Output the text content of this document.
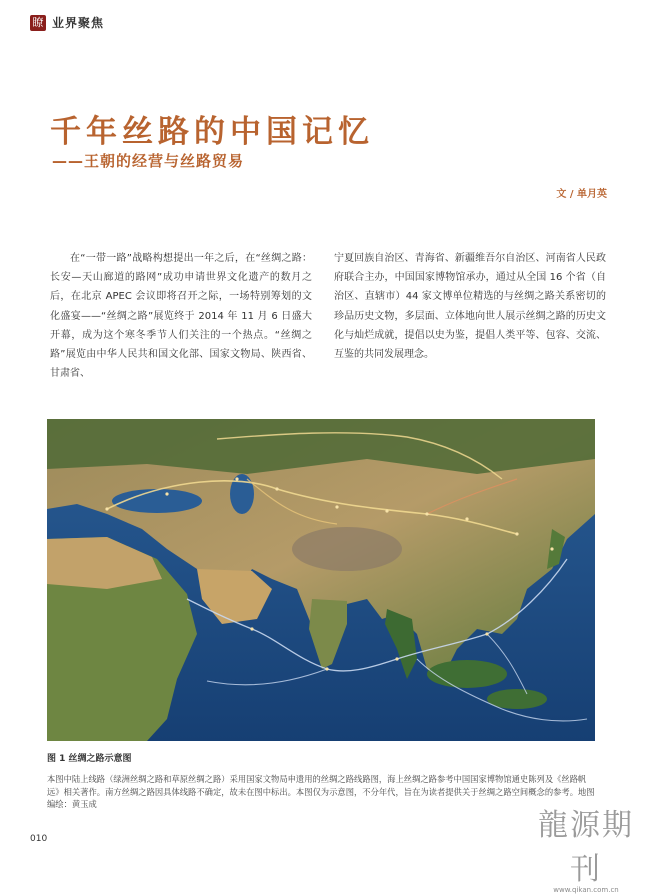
瞭 业界聚焦
千年丝路的中国记忆
——王朝的经营与丝路贸易
文 / 单月英

在“一带一路”战略构想提出一年之后，在“丝绸之路：长安—天山廊道的路网”成功申请世界文化遗产的数月之后，在北京 APEC 会议即将召开之际，一场特别筹划的文化盛宴——“丝绸之路”展览终于 2014 年 11 月 6 日盛大开幕，成为这个寒冬季节人们关注的一个热点。“丝绸之路”展览由中华人民共和国文化部、国家文物局、陕西省、甘肃省、

宁夏回族自治区、青海省、新疆维吾尔自治区、河南省人民政府联合主办，中国国家博物馆承办，通过从全国 16 个省（自治区、直辖市）44 家文博单位精选的与丝绸之路关系密切的珍品历史文物，多层面、立体地向世人展示丝绸之路的历史文化与灿烂成就，提倡以史为鉴，提倡人类平等、包容、交流、互鉴的共同发展理念。

图 1 丝绸之路示意图
本图中陆上线路（绿洲丝绸之路和草原丝绸之路）采用国家文物局申遗用的丝绸之路线路图，海上丝绸之路参考中国国家博物馆通史陈列及《丝路帆远》相关著作。南方丝绸之路因具体线路不确定，故未在图中标出。本图仅为示意图，不分年代，旨在为读者提供关于丝绸之路空间概念的参考。地图编绘：黄玉成
010	龍源期刊
www.qikan.com.cn
